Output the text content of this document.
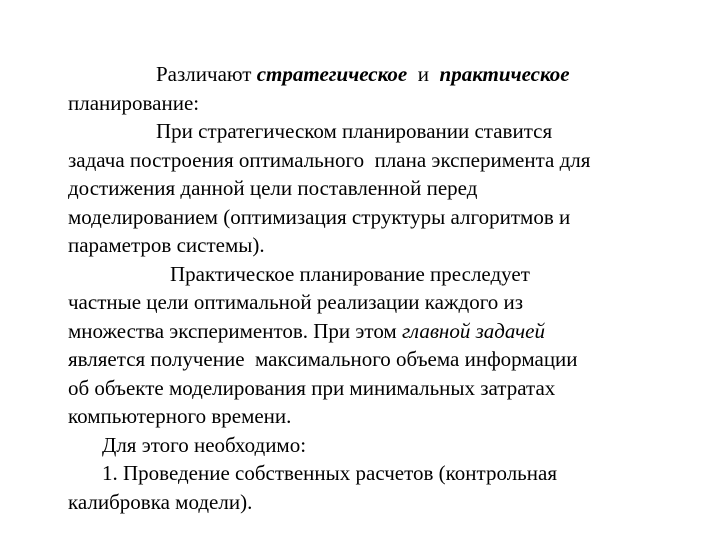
Различают стратегическое  и  практическое
планирование:
При стратегическом планировании ставится
задача построения оптимального  плана эксперимента для
достижения данной цели поставленной перед
моделированием (оптимизация структуры алгоритмов и
параметров системы).
Практическое планирование преследует
частные цели оптимальной реализации каждого из
множества экспериментов. При этом главной задачей
является получение  максимального объема информации
об объекте моделирования при минимальных затратах
компьютерного времени.
Для этого необходимо:
1. Проведение собственных расчетов (контрольная
калибровка модели).
